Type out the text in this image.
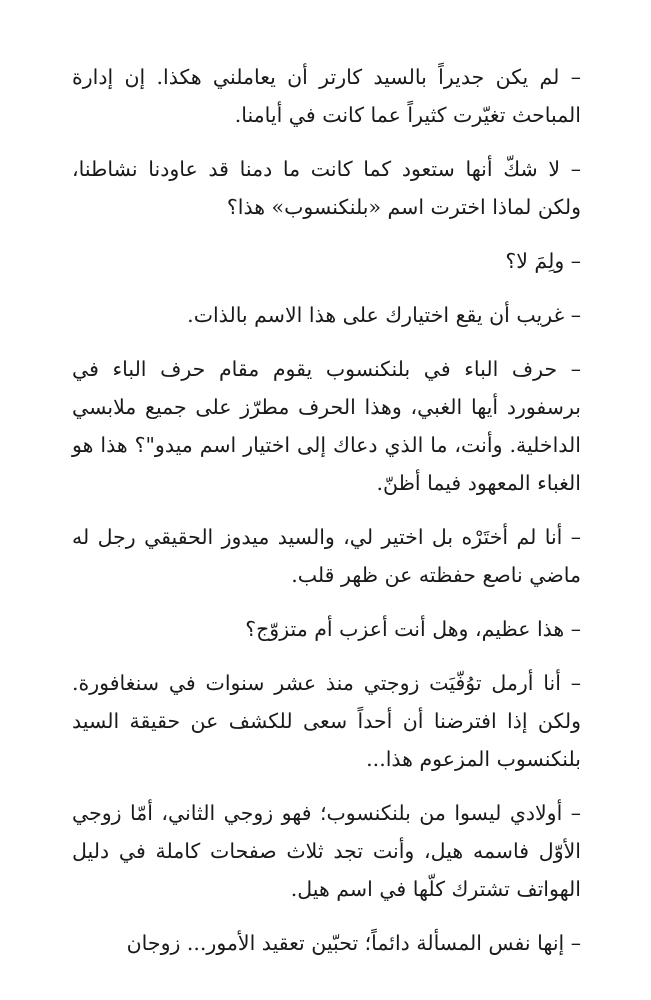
– لم يكن جديراً بالسيد كارتر أن يعاملني هكذا. إن إدارة المباحث تغيّرت كثيراً عما كانت في أيامنا.

– لا شكّ أنها ستعود كما كانت ما دمنا قد عاودنا نشاطنا، ولكن لماذا اخترت اسم «بلنكنسوب» هذا؟

– ولِمَ لا؟

– غريب أن يقع اختيارك على هذا الاسم بالذات.

– حرف الباء في بلنكنسوب يقوم مقام حرف الباء في برسفورد أيها الغبي، وهذا الحرف مطرّز على جميع ملابسي الداخلية. وأنت، ما الذي دعاك إلى اختيار اسم ميدو"؟ هذا هو الغباء المعهود فيما أظنّ.

– أنا لم أختَرْه بل اختير لي، والسيد ميدوز الحقيقي رجل له ماضي ناصع حفظته عن ظهر قلب.

– هذا عظيم، وهل أنت أعزب أم متزوّج؟

– أنا أرمل توُفّيَت زوجتي منذ عشر سنوات في سنغافورة. ولكن إذا افترضنا أن أحداً سعى للكشف عن حقيقة السيد بلنكنسوب المزعوم هذا...

– أولادي ليسوا من بلنكنسوب؛ فهو زوجي الثاني، أمّا زوجي الأوّل فاسمه هيل، وأنت تجد ثلاث صفحات كاملة في دليل الهواتف تشترك كلّها في اسم هيل.

– إنها نفس المسألة دائماً؛ تحبّين تعقيد الأمور... زوجان
